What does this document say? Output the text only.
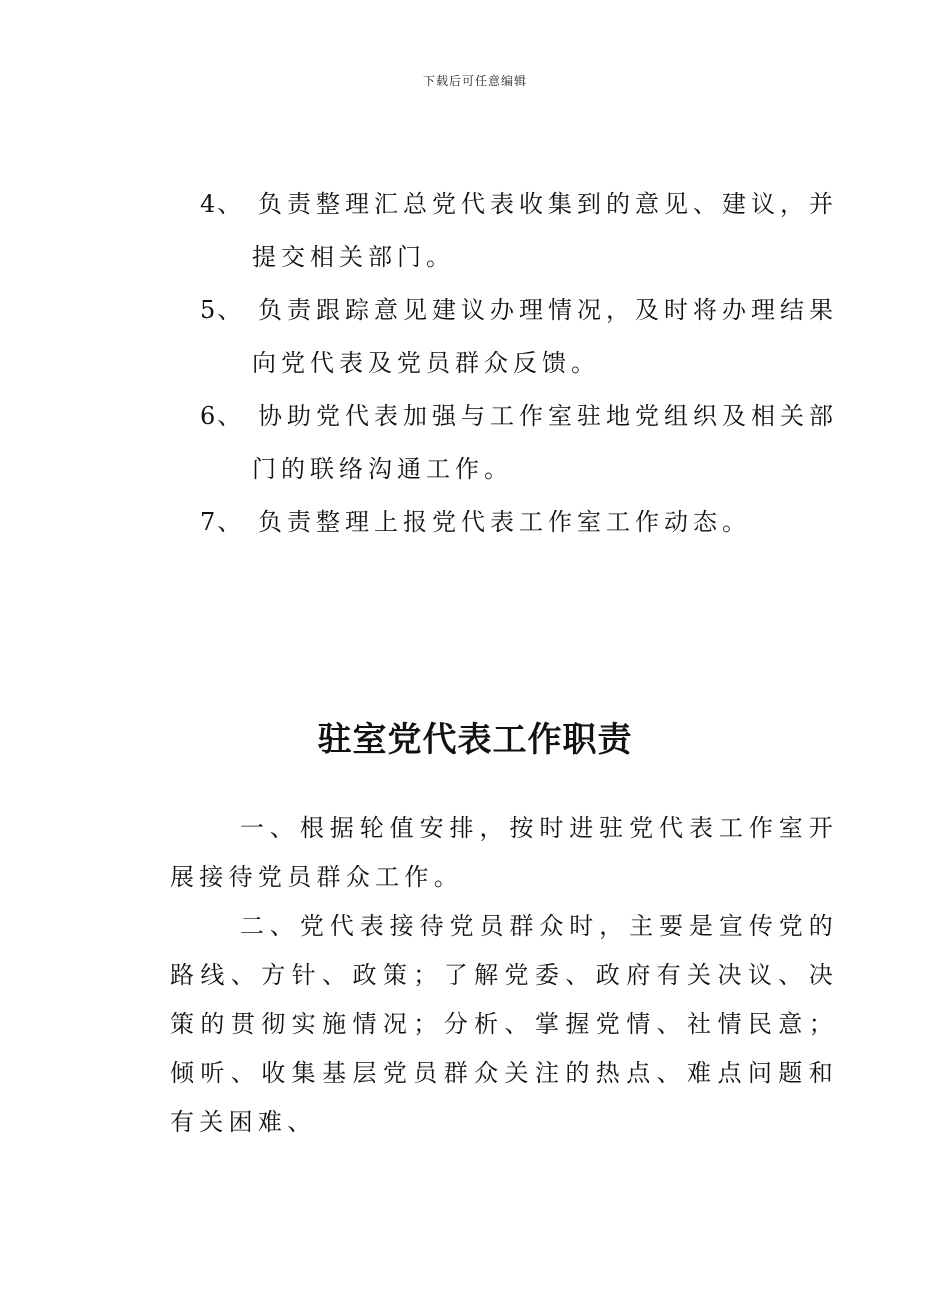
下载后可任意编辑
4、 负责整理汇总党代表收集到的意见、建议，并提交相关部门。
5、 负责跟踪意见建议办理情况，及时将办理结果向党代表及党员群众反馈。
6、 协助党代表加强与工作室驻地党组织及相关部门的联络沟通工作。
7、 负责整理上报党代表工作室工作动态。
驻室党代表工作职责

一、根据轮值安排，按时进驻党代表工作室开展接待党员群众工作。

二、党代表接待党员群众时，主要是宣传党的路线、方针、政策；了解党委、政府有关决议、决策的贯彻实施情况；分析、掌握党情、社情民意；倾听、收集基层党员群众关注的热点、难点问题和有关困难、
